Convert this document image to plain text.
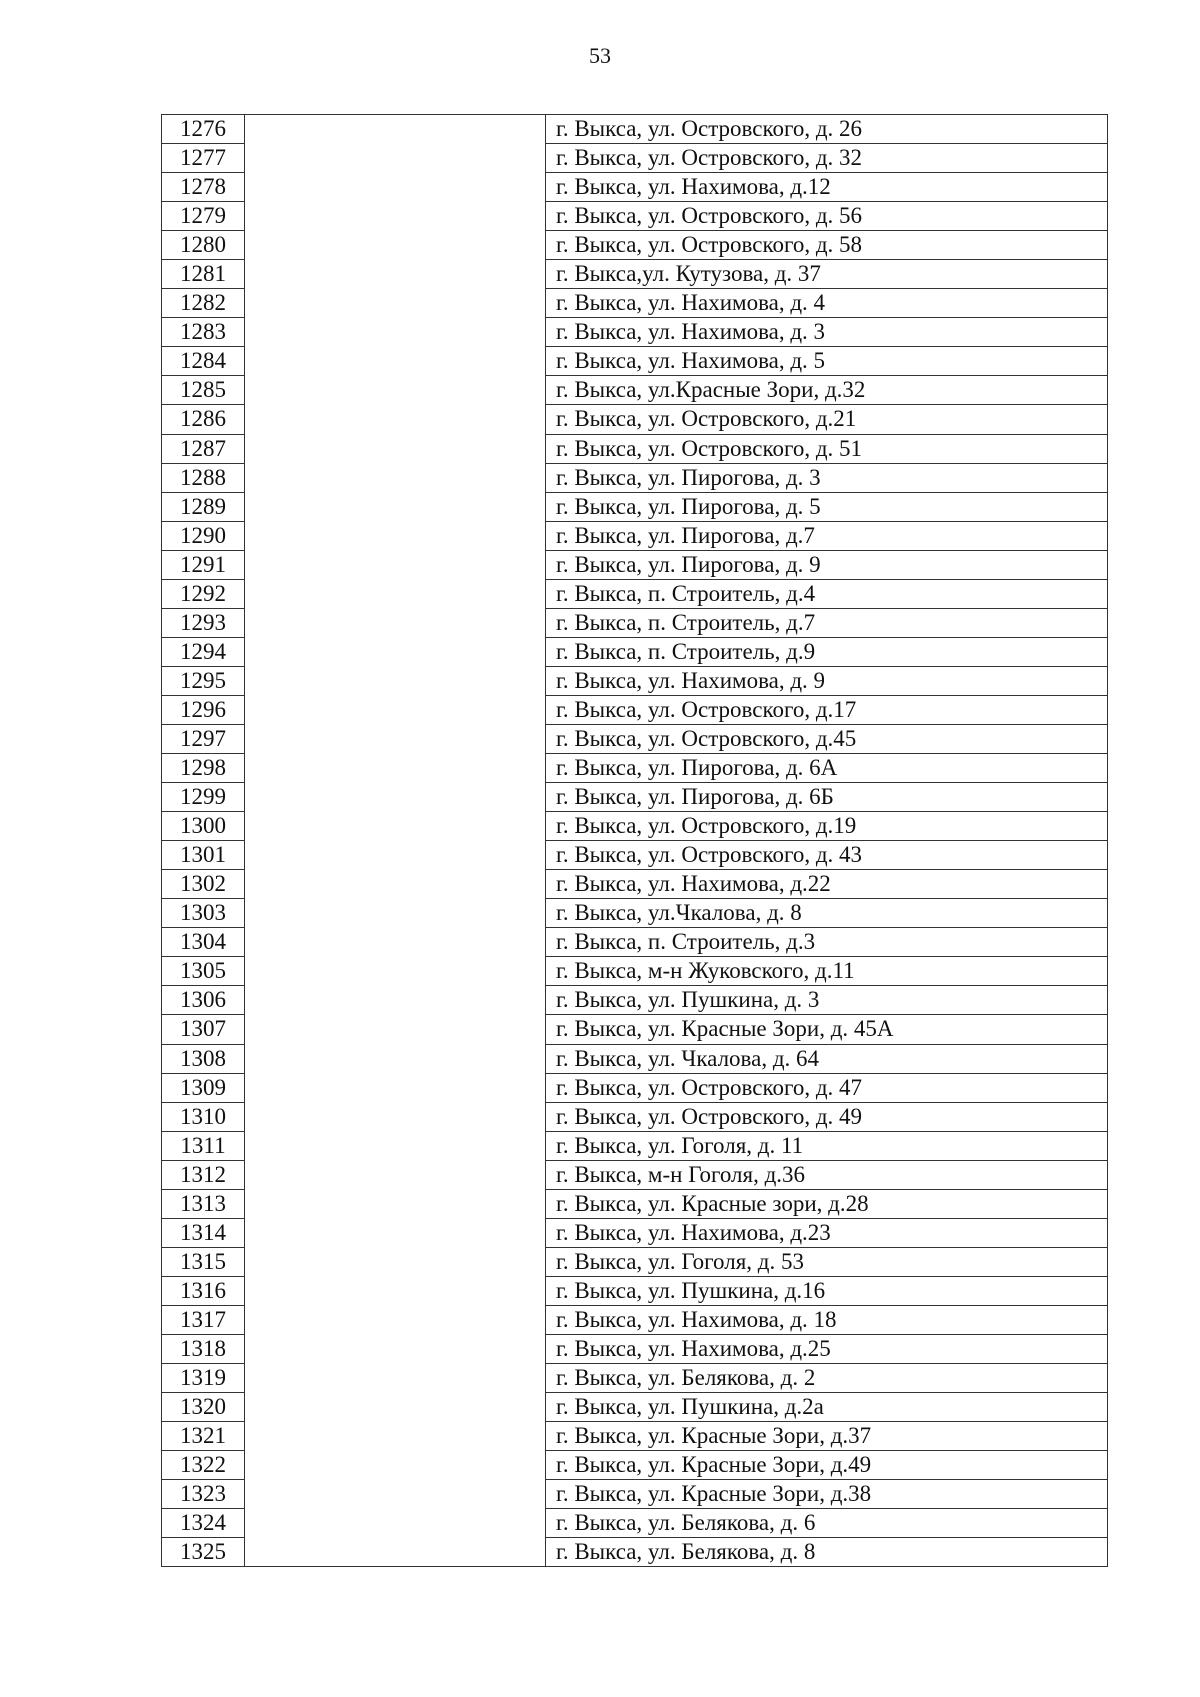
53
1276		г. Выкса, ул. Островского, д. 26
1277		г. Выкса, ул. Островского, д. 32
1278		г. Выкса, ул. Нахимова, д.12
1279		г. Выкса, ул. Островского, д. 56
1280		г. Выкса, ул. Островского, д. 58
1281		г. Выкса,ул. Кутузова, д. 37
1282		г. Выкса, ул. Нахимова, д. 4
1283		г. Выкса, ул. Нахимова, д. 3
1284		г. Выкса, ул. Нахимова, д. 5
1285		г. Выкса, ул.Красные Зори, д.32
1286		г. Выкса, ул. Островского, д.21
1287		г. Выкса, ул. Островского, д. 51
1288		г. Выкса, ул. Пирогова, д. 3
1289		г. Выкса, ул. Пирогова, д. 5
1290		г. Выкса, ул. Пирогова, д.7
1291		г. Выкса, ул. Пирогова, д. 9
1292		г. Выкса, п. Строитель, д.4
1293		г. Выкса, п. Строитель, д.7
1294		г. Выкса, п. Строитель, д.9
1295		г. Выкса, ул. Нахимова, д. 9
1296		г. Выкса, ул. Островского, д.17
1297		г. Выкса, ул. Островского, д.45
1298		г. Выкса, ул. Пирогова, д. 6А
1299		г. Выкса, ул. Пирогова, д. 6Б
1300		г. Выкса, ул. Островского, д.19
1301		г. Выкса, ул. Островского, д. 43
1302		г. Выкса, ул. Нахимова, д.22
1303		г. Выкса, ул.Чкалова, д. 8
1304		г. Выкса, п. Строитель, д.3
1305		г. Выкса, м-н Жуковского, д.11
1306		г. Выкса, ул. Пушкина, д. 3
1307		г. Выкса, ул. Красные Зори, д. 45А
1308		г. Выкса, ул. Чкалова, д. 64
1309		г. Выкса, ул. Островского, д. 47
1310		г. Выкса, ул. Островского, д. 49
1311		г. Выкса, ул. Гоголя, д. 11
1312		г. Выкса, м-н Гоголя, д.36
1313		г. Выкса, ул. Красные зори, д.28
1314		г. Выкса, ул. Нахимова, д.23
1315		г. Выкса, ул. Гоголя, д. 53
1316		г. Выкса, ул. Пушкина, д.16
1317		г. Выкса, ул. Нахимова, д. 18
1318		г. Выкса, ул. Нахимова, д.25
1319		г. Выкса, ул. Белякова, д. 2
1320		г. Выкса, ул. Пушкина, д.2а
1321		г. Выкса, ул. Красные Зори, д.37
1322		г. Выкса, ул. Красные Зори, д.49
1323		г. Выкса, ул. Красные Зори, д.38
1324		г. Выкса, ул. Белякова, д. 6
1325		г. Выкса, ул. Белякова, д. 8
